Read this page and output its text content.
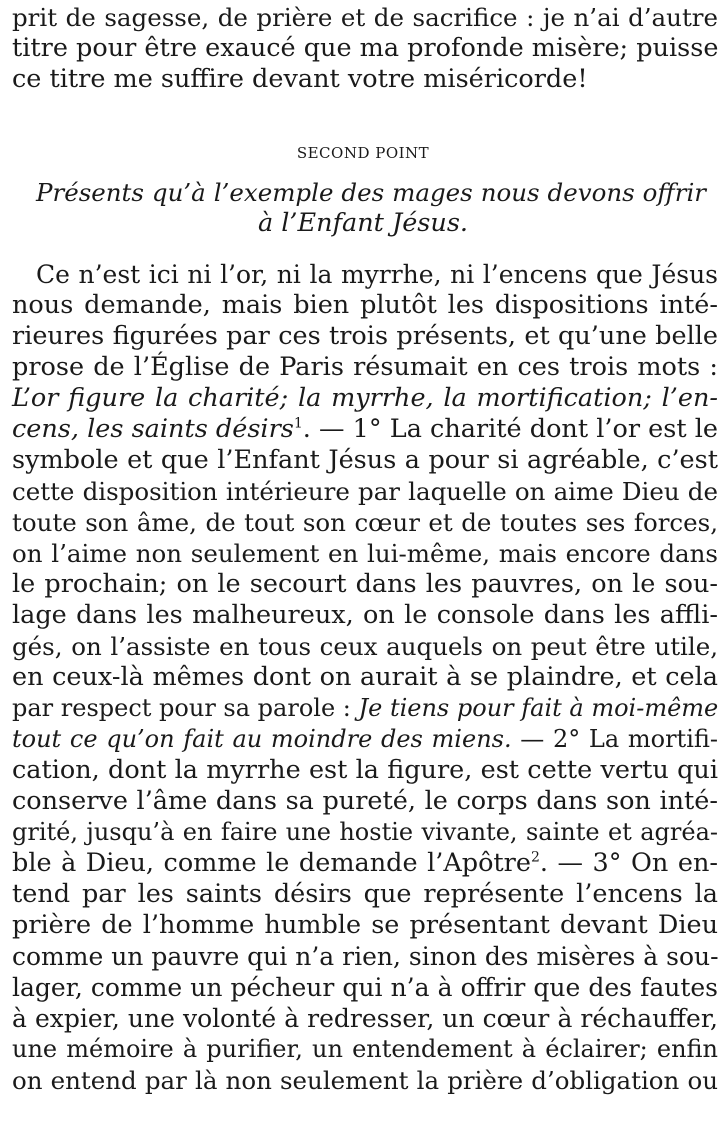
prit de sagesse, de prière et de sacrifice : je n’ai d’autre
titre pour être exaucé que ma profonde misère; puisse
ce titre me suffire devant votre miséricorde!
SECOND POINT
Présents qu’à l’exemple des mages nous devons offrir
à l’Enfant Jésus.
Ce n’est ici ni l’or, ni la myrrhe, ni l’encens que Jésus
nous demande, mais bien plutôt les dispositions inté-
rieures figurées par ces trois présents, et qu’une belle
prose de l’Église de Paris résumait en ces trois mots :
L’or figure la charité; la myrrhe, la mortification; l’en-
cens, les saints désirs$^1$. — 1° La charité dont l’or est le
symbole et que l’Enfant Jésus a pour si agréable, c’est
cette disposition intérieure par laquelle on aime Dieu de
toute son âme, de tout son cœur et de toutes ses forces,
on l’aime non seulement en lui-même, mais encore dans
le prochain; on le secourt dans les pauvres, on le sou-
lage dans les malheureux, on le console dans les affli-
gés, on l’assiste en tous ceux auquels on peut être utile,
en ceux-là mêmes dont on aurait à se plaindre, et cela
par respect pour sa parole : Je tiens pour fait à moi-même
tout ce qu’on fait au moindre des miens. — 2° La mortifi-
cation, dont la myrrhe est la figure, est cette vertu qui
conserve l’âme dans sa pureté, le corps dans son inté-
grité, jusqu’à en faire une hostie vivante, sainte et agréa-
ble à Dieu, comme le demande l’Apôtre$^2$. — 3° On en-
tend par les saints désirs que représente l’encens la
prière de l’homme humble se présentant devant Dieu
comme un pauvre qui n’a rien, sinon des misères à sou-
lager, comme un pécheur qui n’a à offrir que des fautes
à expier, une volonté à redresser, un cœur à réchauffer,
une mémoire à purifier, un entendement à éclairer; enfin
on entend par là non seulement la prière d’obligation ou
